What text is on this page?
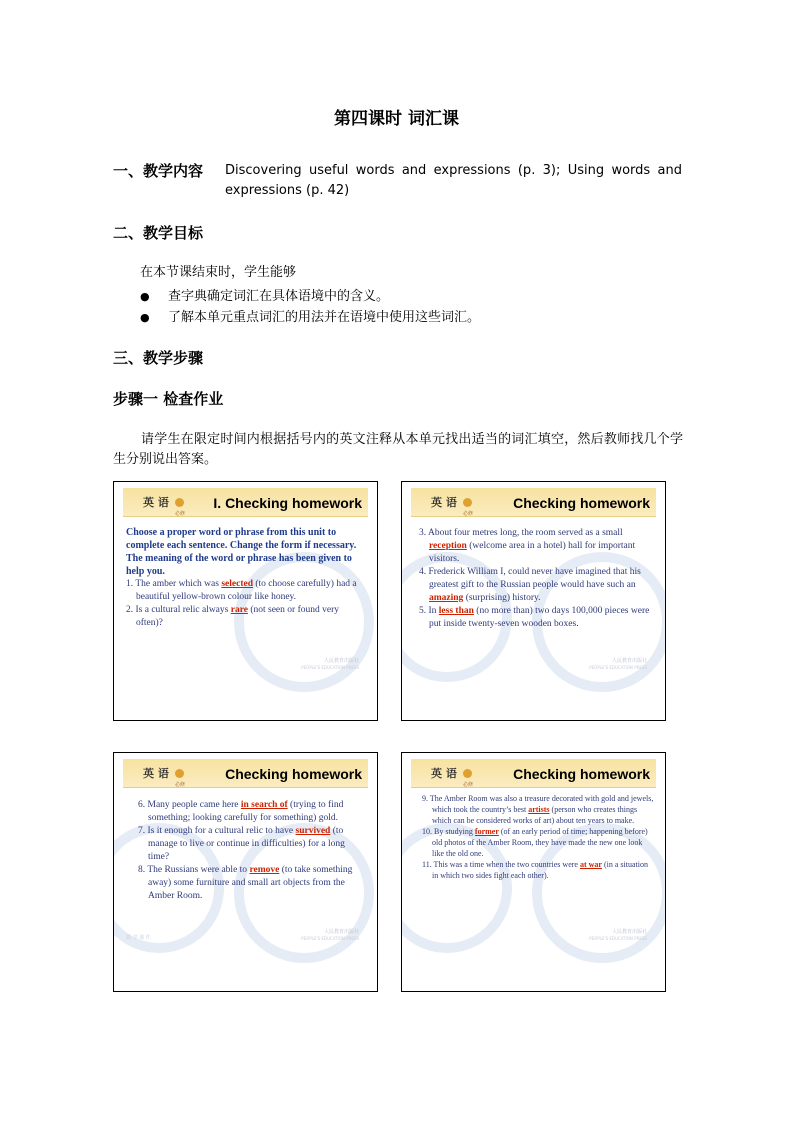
第四课时 词汇课
一、教学内容 Discovering useful words and expressions (p. 3); Using words and expressions (p. 42)
二、教学目标
在本节课结束时，学生能够
● 查字典确定词汇在具体语境中的含义。
● 了解本单元重点词汇的用法并在语境中使用这些词汇。
三、教学步骤
步骤一 检查作业
请学生在限定时间内根据括号内的英文注释从本单元找出适当的词汇填空，然后教师找几个学生分别说出答案。
英 语
必修
I. Checking homework

Choose a proper word or phrase from this unit to complete each sentence. Change the form if necessary. The meaning of the word or phrase has been given to help you.

1. The amber which was selected (to choose carefully) had a beautiful yellow-brown colour like honey.

2. Is a cultural relic always rare (not seen or found very often)?

人民教育出版社
PEOPLE'S EDUCATION PRESS
英 语
必修
Checking homework

3. About four metres long, the room served as a small reception (welcome area in a hotel) hall for important visitors.

4. Frederick William I, could never have imagined that his greatest gift to the Russian people would have such an amazing (surprising) history.

5. In less than (no more than) two days 100,000 pieces were put inside twenty-seven wooden boxes.

人民教育出版社
PEOPLE'S EDUCATION PRESS
英 语
必修
Checking homework

6. Many people came here in search of (trying to find something; looking carefully for something) gold.

7. Is it enough for a cultural relic to have survived (to manage to live or continue in difficulties) for a long time?

8. The Russians were able to remove (to take something away) some furniture and small art objects from the Amber Room.

教 学 课 件
人民教育出版社
PEOPLE'S EDUCATION PRESS
英 语
必修
Checking homework

9. The Amber Room was also a treasure decorated with gold and jewels, which took the country’s best artists (person who creates things which can be considered works of art) about ten years to make.

10. By studying former (of an early period of time; happening before) old photos of the Amber Room, they have made the new one look like the old one.

11. This was a time when the two countries were at war (in a situation in which two sides fight each other).

人民教育出版社
PEOPLE'S EDUCATION PRESS
